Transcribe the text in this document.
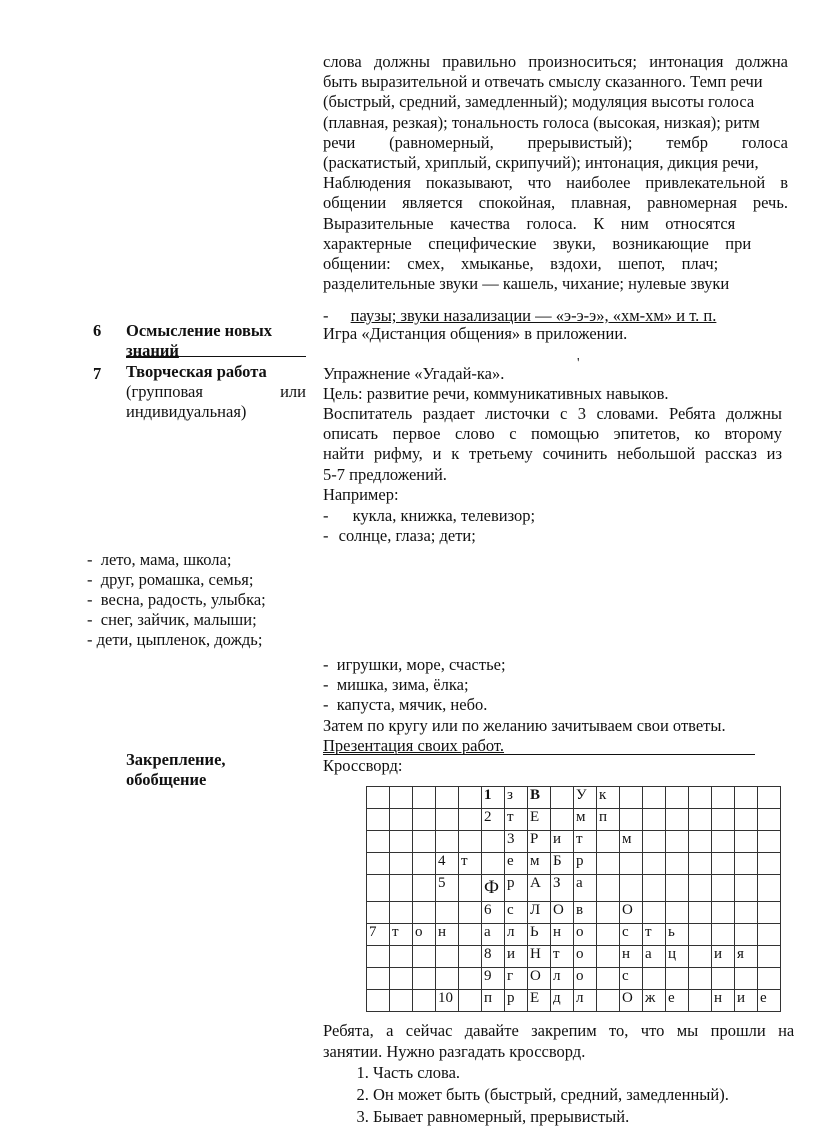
слова должны правильно произноситься; интонация должна
быть выразительной и отвечать смыслу сказанного. Темп речи
(быстрый, средний, замедленный); модуляция высоты голоса
(плавная, резкая); тональность голоса (высокая, низкая); ритм
речи    (равномерный,    прерывистый);    тембр    голоса
(раскатистый, хриплый, скрипучий); интонация, дикция речи,
Наблюдения показывают, что наиболее привлекательной в
общении является спокойная, плавная, равномерная речь.
Выразительные    качества    голоса.    К    ним    относятся
характерные    специфические    звуки,    возникающие    при
общении:    смех,    хмыканье,    вздохи,    шепот,    плач;
разделительные звуки — кашель, чихание; нулевые звуки
- паузы; звуки назализации — «э-э-э», «хм-хм» и т. п.
6 Осмысление новых
знаний
Игра «Дистанция общения» в приложении.
7 Творческая работа
(групповая	или
индивидуальная)
Упражнение «Угадай-ка».
'
Цель: развитие речи, коммуникативных навыков.
Воспитатель раздает листочки с 3 словами. Ребята должны
описать первое слово с помощью эпитетов, ко второму
найти рифму, и к третьему сочинить небольшой рассказ из
5-7 предложений.
Например:
- кукла, книжка, телевизор;
- солнце, глаза; дети;
-  лето, мама, школа;
-  друг, ромашка, семья;
-  весна, радость, улыбка;
-  снег, зайчик, малыши;
- дети, цыпленок, дождь;
-  игрушки, море, счастье;
-  мишка, зима, ёлка;
-  капуста, мячик, небо.
Затем по кругу или по желанию зачитываем свои ответы.
Презентация своих работ.
Закрепление,
обобщение
Кроссворд:
					1	з	В		У	к							
					2	т	Е		м	п							
						3	Р	и	т		м						
			4	т		е	м	Б	р								
			5		Ф	р	А	З	а								
					6	с	Л	О	в		О						
7	т	о	н		а	л	Ь	н	о		с	т	ь				
					8	и	Н	т	о		н	а	ц		и	я	
					9	г	О	л	о		с						
			10		п	р	Е	д	л		О	ж	е		н	и	е
Ребята,   а   сейчас   давайте   закрепим   то,   что   мы   прошли   на
занятии. Нужно разгадать кроссворд.
1. Часть слова.
2. Он может быть (быстрый, средний, замедленный).
3. Бывает равномерный, прерывистый.
